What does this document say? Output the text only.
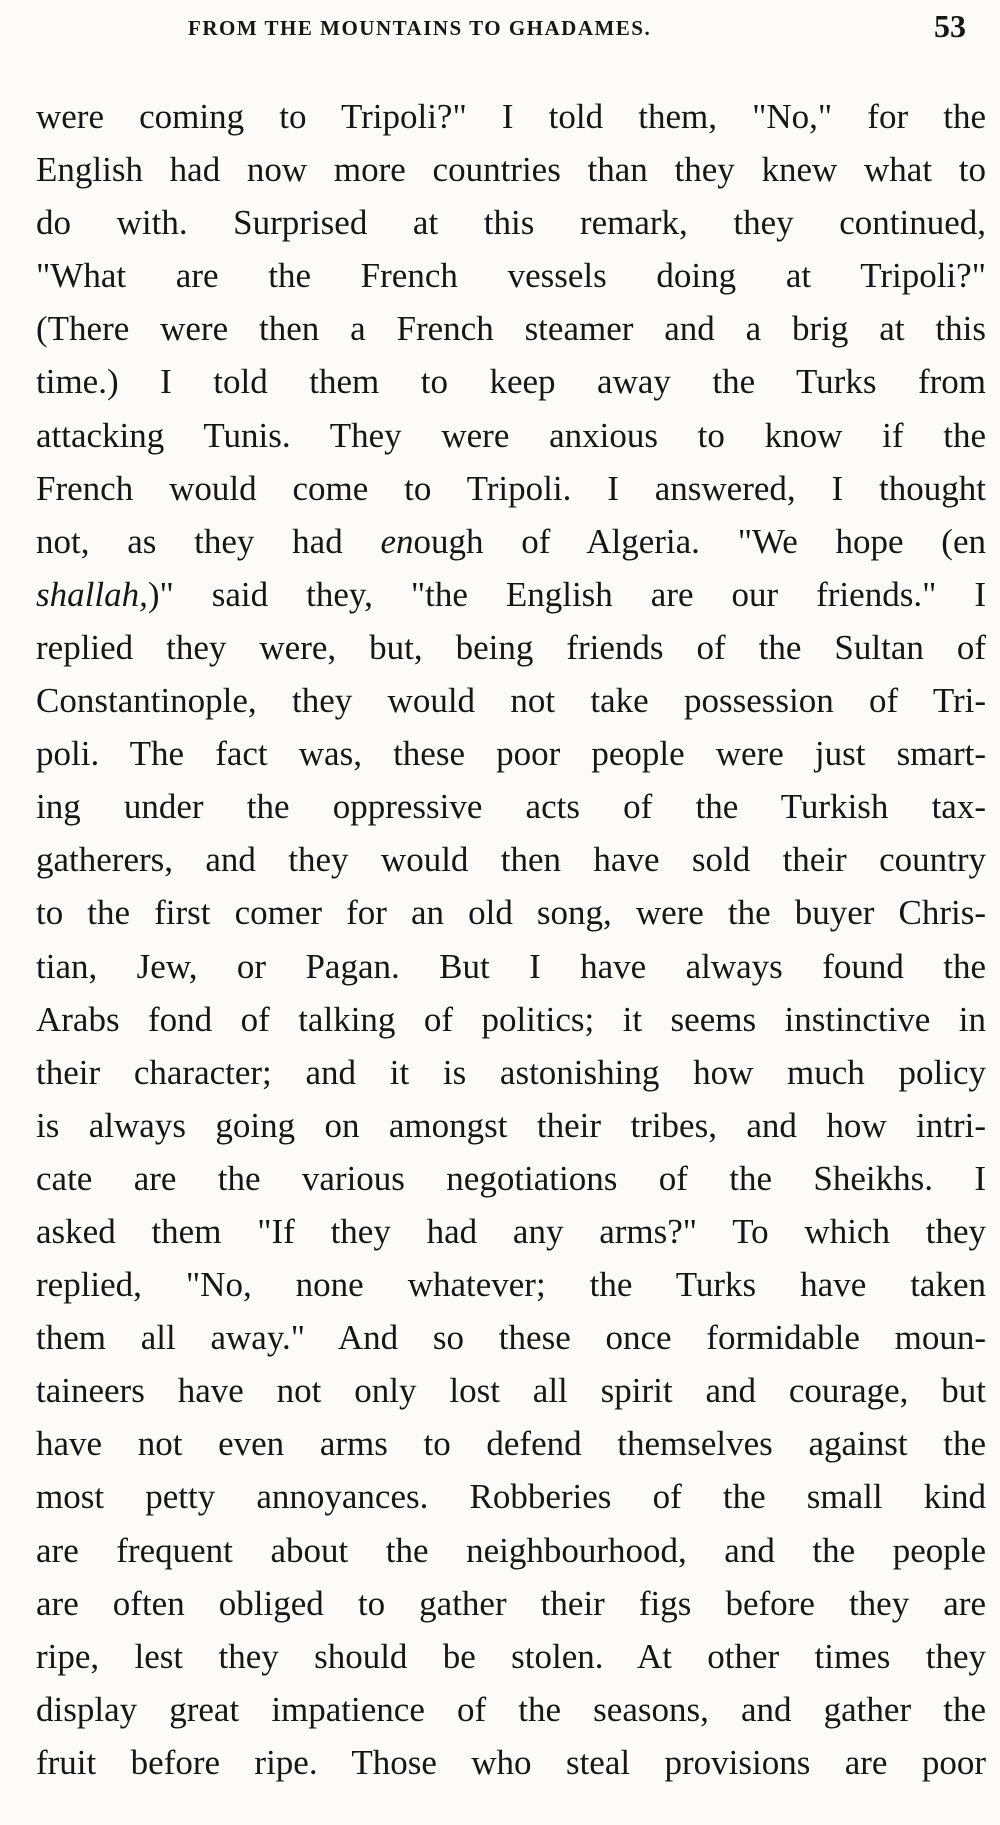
FROM THE MOUNTAINS TO GHADAMES.	53
were coming to Tripoli?" I told them, "No," for the
English had now more countries than they knew what to
do with. Surprised at this remark, they continued,
"What are the French vessels doing at Tripoli?"
(There were then a French steamer and a brig at this
time.) I told them to keep away the Turks from
attacking Tunis. They were anxious to know if the
French would come to Tripoli. I answered, I thought
not, as they had enough of Algeria. "We hope (en
shallah,)" said they, "the English are our friends." I
replied they were, but, being friends of the Sultan of
Constantinople, they would not take possession of Tri-
poli. The fact was, these poor people were just smart-
ing under the oppressive acts of the Turkish tax-
gatherers, and they would then have sold their country
to the first comer for an old song, were the buyer Chris-
tian, Jew, or Pagan. But I have always found the
Arabs fond of talking of politics; it seems instinctive in
their character; and it is astonishing how much policy
is always going on amongst their tribes, and how intri-
cate are the various negotiations of the Sheikhs. I
asked them "If they had any arms?" To which they
replied, "No, none whatever; the Turks have taken
them all away." And so these once formidable moun-
taineers have not only lost all spirit and courage, but
have not even arms to defend themselves against the
most petty annoyances. Robberies of the small kind
are frequent about the neighbourhood, and the people
are often obliged to gather their figs before they are
ripe, lest they should be stolen. At other times they
display great impatience of the seasons, and gather the
fruit before ripe. Those who steal provisions are poor
